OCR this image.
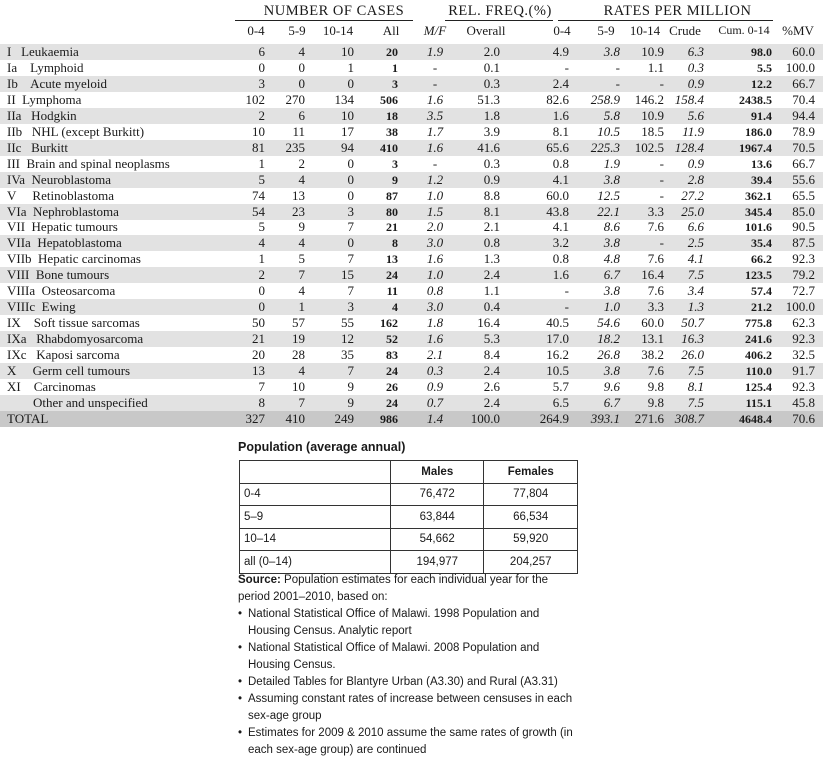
NUMBER OF CASES	REL. FREQ.(%)	RATES PER MILLION
0-4	5-9	10-14 All M/F	Overall	0-4	5-9	10-14 Crude	Cum. 0-14 %MV
I   Leukaemia	6	4	10	20	1.9	2.0	4.9	3.8	10.9	6.3	98.0	60.0
Ia    Lymphoid	0	0	1	1	-	0.1	-	-	1.1	0.3	5.5	100.0
Ib    Acute myeloid	3	0	0	3	-	0.3	2.4	-	-	0.9	12.2	66.7
II  Lymphoma	102	270	134	506	1.6	51.3	82.6	258.9	146.2 158.4	2438.5	70.4
IIa   Hodgkin	2	6	10	18	3.5	1.8	1.6	5.8	10.9	5.6	91.4	94.4
IIb   NHL (except Burkitt)	10	11	17	38	1.7	3.9	8.1	10.5	18.5	11.9	186.0	78.9
IIc   Burkitt	81	235	94	410	1.6	41.6	65.6	225.3	102.5 128.4	1967.4	70.5
III  Brain and spinal neoplasms	1	2	0	3	-	0.3	0.8	1.9	-	0.9	13.6	66.7
IVa  Neuroblastoma	5	4	0	9	1.2	0.9	4.1	3.8	-	2.8	39.4	55.6
V     Retinoblastoma	74	13	0	87	1.0	8.8	60.0	12.5	-	27.2	362.1	65.5
VIa  Nephroblastoma	54	23	3	80	1.5	8.1	43.8	22.1	3.3	25.0	345.4	85.0
VII  Hepatic tumours	5	9	7	21	2.0	2.1	4.1	8.6	7.6	6.6	101.6	90.5
VIIa  Hepatoblastoma	4	4	0	8	3.0	0.8	3.2	3.8	-	2.5	35.4	87.5
VIIb  Hepatic carcinomas	1	5	7	13	1.6	1.3	0.8	4.8	7.6	4.1	66.2	92.3
VIII  Bone tumours	2	7	15	24	1.0	2.4	1.6	6.7	16.4	7.5	123.5	79.2
VIIIa  Osteosarcoma	0	4	7	11	0.8	1.1	-	3.8	7.6	3.4	57.4	72.7
VIIIc  Ewing	0	1	3	4	3.0	0.4	-	1.0	3.3	1.3	21.2	100.0
IX    Soft tissue sarcomas	50	57	55	162	1.8	16.4	40.5	54.6	60.0	50.7	775.8	62.3
IXa   Rhabdomyosarcoma	21	19	12	52	1.6	5.3	17.0	18.2	13.1	16.3	241.6	92.3
IXc   Kaposi sarcoma	20	28	35	83	2.1	8.4	16.2	26.8	38.2	26.0	406.2	32.5
X     Germ cell tumours	13	4	7	24	0.3	2.4	10.5	3.8	7.6	7.5	110.0	91.7
XI    Carcinomas	7	10	9	26	0.9	2.6	5.7	9.6	9.8	8.1	125.4	92.3
Other and unspecified	8	7	9	24	0.7	2.4	6.5	6.7	9.8	7.5	115.1	45.8
TOTAL	327	410	249	986	1.4	100.0	264.9	393.1	271.6 308.7	4648.4	70.6
Population (average annual)
	Males	Females
0-4	76,472	77,804
5–9	63,844	66,534
10–14	54,662	59,920
all (0–14)	194,977	204,257
Source: Population estimates for each individual year for the period 2001–2010, based on:
• National Statistical Office of Malawi. 1998 Population and Housing Census. Analytic report
• National Statistical Office of Malawi. 2008 Population and Housing Census.
• Detailed Tables for Blantyre Urban (A3.30) and Rural (A3.31)
• Assuming constant rates of increase between censuses in each sex-age group
• Estimates for 2009 & 2010 assume the same rates of growth (in each sex-age group) are continued
